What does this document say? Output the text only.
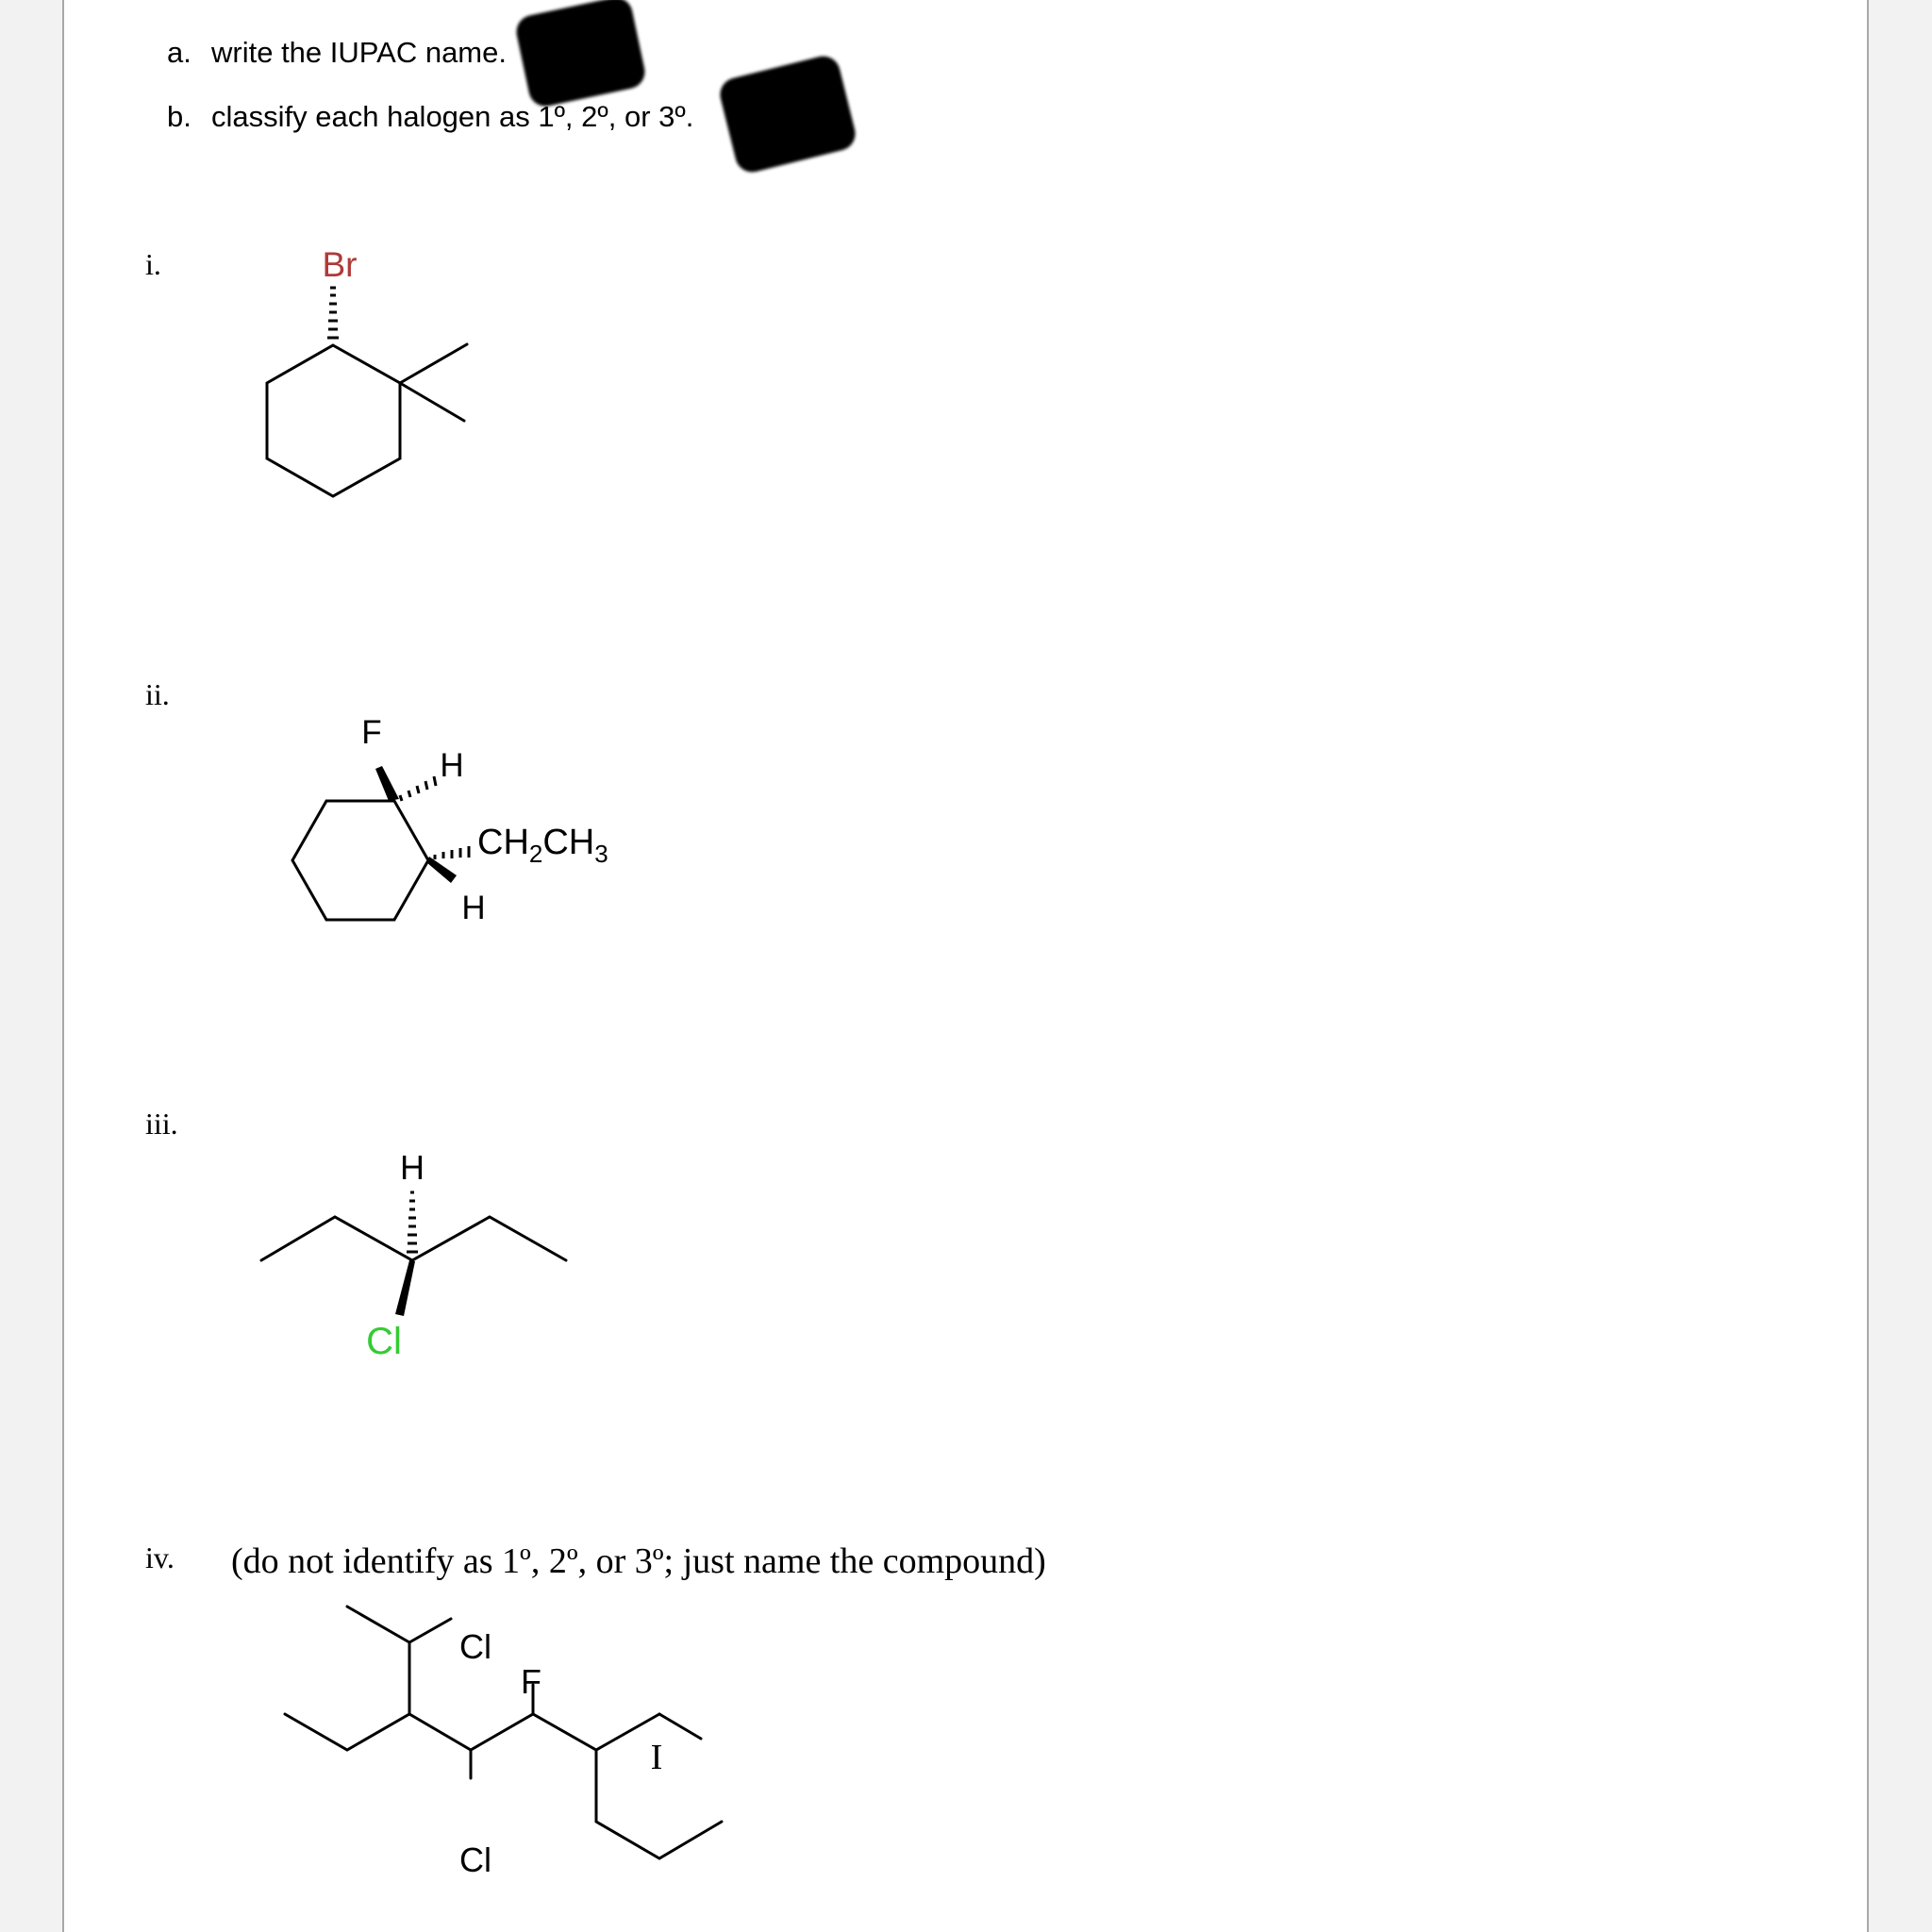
a. write the IUPAC name.
b. classify each halogen as 1º, 2º, or 3º.
i.
ii.
iii.
iv. (do not identify as 1º, 2º, or 3º; just name the compound)
Br
F
H
$CH_2CH_3$
H
H
Cl
Cl
F
I
Cl
